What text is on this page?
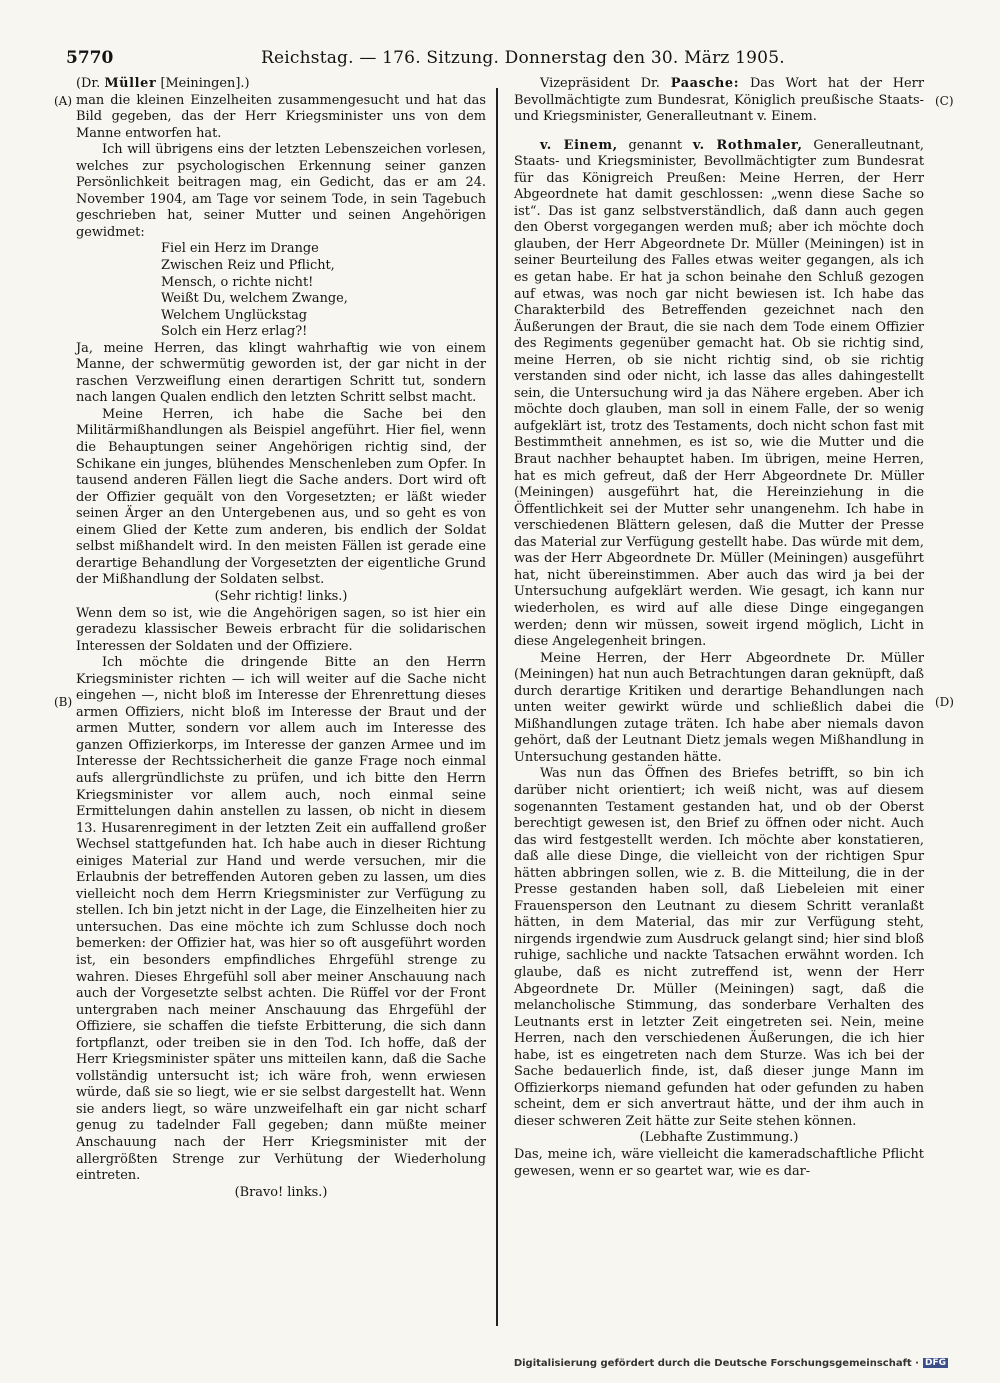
5770	Reichstag. — 176. Sitzung. Donnerstag den 30. März 1905.
(A)
(B)
(C)
(D)

(Dr. Müller [Meiningen].)

man die kleinen Einzelheiten zusammengesucht und hat das Bild gegeben, das der Herr Kriegsminister uns von dem Manne entworfen hat.

Ich will übrigens eins der letzten Lebenszeichen vorlesen, welches zur psychologischen Erkennung seiner ganzen Persönlichkeit beitragen mag, ein Gedicht, das er am 24. November 1904, am Tage vor seinem Tode, in sein Tagebuch geschrieben hat, seiner Mutter und seinen Angehörigen gewidmet:

Fiel ein Herz im Drange
Zwischen Reiz und Pflicht,
Mensch, o richte nicht!
Weißt Du, welchem Zwange,
Welchem Unglückstag
Solch ein Herz erlag?!

Ja, meine Herren, das klingt wahrhaftig wie von einem Manne, der schwermütig geworden ist, der gar nicht in der raschen Verzweiflung einen derartigen Schritt tut, sondern nach langen Qualen endlich den letzten Schritt selbst macht.

Meine Herren, ich habe die Sache bei den Militärmißhandlungen als Beispiel angeführt. Hier fiel, wenn die Behauptungen seiner Angehörigen richtig sind, der Schikane ein junges, blühendes Menschenleben zum Opfer. In tausend anderen Fällen liegt die Sache anders. Dort wird oft der Offizier gequält von den Vorgesetzten; er läßt wieder seinen Ärger an den Untergebenen aus, und so geht es von einem Glied der Kette zum anderen, bis endlich der Soldat selbst mißhandelt wird. In den meisten Fällen ist gerade eine derartige Behandlung der Vorgesetzten der eigentliche Grund der Mißhandlung der Soldaten selbst.

(Sehr richtig! links.)

Wenn dem so ist, wie die Angehörigen sagen, so ist hier ein geradezu klassischer Beweis erbracht für die solidarischen Interessen der Soldaten und der Offiziere.

Ich möchte die dringende Bitte an den Herrn Kriegsminister richten — ich will weiter auf die Sache nicht eingehen —, nicht bloß im Interesse der Ehrenrettung dieses armen Offiziers, nicht bloß im Interesse der Braut und der armen Mutter, sondern vor allem auch im Interesse des ganzen Offizierkorps, im Interesse der ganzen Armee und im Interesse der Rechtssicherheit die ganze Frage noch einmal aufs allergründlichste zu prüfen, und ich bitte den Herrn Kriegsminister vor allem auch, noch einmal seine Ermittelungen dahin anstellen zu lassen, ob nicht in diesem 13. Husarenregiment in der letzten Zeit ein auffallend großer Wechsel stattgefunden hat. Ich habe auch in dieser Richtung einiges Material zur Hand und werde versuchen, mir die Erlaubnis der betreffenden Autoren geben zu lassen, um dies vielleicht noch dem Herrn Kriegsminister zur Verfügung zu stellen. Ich bin jetzt nicht in der Lage, die Einzelheiten hier zu untersuchen. Das eine möchte ich zum Schlusse doch noch bemerken: der Offizier hat, was hier so oft ausgeführt worden ist, ein besonders empfindliches Ehrgefühl strenge zu wahren. Dieses Ehrgefühl soll aber meiner Anschauung nach auch der Vorgesetzte selbst achten. Die Rüffel vor der Front untergraben nach meiner Anschauung das Ehrgefühl der Offiziere, sie schaffen die tiefste Erbitterung, die sich dann fortpflanzt, oder treiben sie in den Tod. Ich hoffe, daß der Herr Kriegsminister später uns mitteilen kann, daß die Sache vollständig untersucht ist; ich wäre froh, wenn erwiesen würde, daß sie so liegt, wie er sie selbst dargestellt hat. Wenn sie anders liegt, so wäre unzweifelhaft ein gar nicht scharf genug zu tadelnder Fall gegeben; dann müßte meiner Anschauung nach der Herr Kriegsminister mit der allergrößten Strenge zur Verhütung der Wiederholung eintreten.

(Bravo! links.)

Vizepräsident Dr. Paasche: Das Wort hat der Herr Bevollmächtigte zum Bundesrat, Königlich preußische Staats- und Kriegsminister, Generalleutnant v. Einem.

v. Einem, genannt v. Rothmaler, Generalleutnant, Staats- und Kriegsminister, Bevollmächtigter zum Bundesrat für das Königreich Preußen: Meine Herren, der Herr Abgeordnete hat damit geschlossen: „wenn diese Sache so ist“. Das ist ganz selbstverständlich, daß dann auch gegen den Oberst vorgegangen werden muß; aber ich möchte doch glauben, der Herr Abgeordnete Dr. Müller (Meiningen) ist in seiner Beurteilung des Falles etwas weiter gegangen, als ich es getan habe. Er hat ja schon beinahe den Schluß gezogen auf etwas, was noch gar nicht bewiesen ist. Ich habe das Charakterbild des Betreffenden gezeichnet nach den Äußerungen der Braut, die sie nach dem Tode einem Offizier des Regiments gegenüber gemacht hat. Ob sie richtig sind, meine Herren, ob sie nicht richtig sind, ob sie richtig verstanden sind oder nicht, ich lasse das alles dahingestellt sein, die Untersuchung wird ja das Nähere ergeben. Aber ich möchte doch glauben, man soll in einem Falle, der so wenig aufgeklärt ist, trotz des Testaments, doch nicht schon fast mit Bestimmtheit annehmen, es ist so, wie die Mutter und die Braut nachher behauptet haben. Im übrigen, meine Herren, hat es mich gefreut, daß der Herr Abgeordnete Dr. Müller (Meiningen) ausgeführt hat, die Hereinziehung in die Öffentlichkeit sei der Mutter sehr unangenehm. Ich habe in verschiedenen Blättern gelesen, daß die Mutter der Presse das Material zur Verfügung gestellt habe. Das würde mit dem, was der Herr Abgeordnete Dr. Müller (Meiningen) ausgeführt hat, nicht übereinstimmen. Aber auch das wird ja bei der Untersuchung aufgeklärt werden. Wie gesagt, ich kann nur wiederholen, es wird auf alle diese Dinge eingegangen werden; denn wir müssen, soweit irgend möglich, Licht in diese Angelegenheit bringen.

Meine Herren, der Herr Abgeordnete Dr. Müller (Meiningen) hat nun auch Betrachtungen daran geknüpft, daß durch derartige Kritiken und derartige Behandlungen nach unten weiter gewirkt würde und schließlich dabei die Mißhandlungen zutage träten. Ich habe aber niemals davon gehört, daß der Leutnant Dietz jemals wegen Mißhandlung in Untersuchung gestanden hätte.

Was nun das Öffnen des Briefes betrifft, so bin ich darüber nicht orientiert; ich weiß nicht, was auf diesem sogenannten Testament gestanden hat, und ob der Oberst berechtigt gewesen ist, den Brief zu öffnen oder nicht. Auch das wird festgestellt werden. Ich möchte aber konstatieren, daß alle diese Dinge, die vielleicht von der richtigen Spur hätten abbringen sollen, wie z. B. die Mitteilung, die in der Presse gestanden haben soll, daß Liebeleien mit einer Frauensperson den Leutnant zu diesem Schritt veranlaßt hätten, in dem Material, das mir zur Verfügung steht, nirgends irgendwie zum Ausdruck gelangt sind; hier sind bloß ruhige, sachliche und nackte Tatsachen erwähnt worden. Ich glaube, daß es nicht zutreffend ist, wenn der Herr Abgeordnete Dr. Müller (Meiningen) sagt, daß die melancholische Stimmung, das sonderbare Verhalten des Leutnants erst in letzter Zeit eingetreten sei. Nein, meine Herren, nach den verschiedenen Äußerungen, die ich hier habe, ist es eingetreten nach dem Sturze. Was ich bei der Sache bedauerlich finde, ist, daß dieser junge Mann im Offizierkorps niemand gefunden hat oder gefunden zu haben scheint, dem er sich anvertraut hätte, und der ihm auch in dieser schweren Zeit hätte zur Seite stehen können.

(Lebhafte Zustimmung.)

Das, meine ich, wäre vielleicht die kameradschaftliche Pflicht gewesen, wenn er so geartet war, wie es dar-

Digitalisierung gefördert durch die Deutsche Forschungsgemeinschaft · DFG
